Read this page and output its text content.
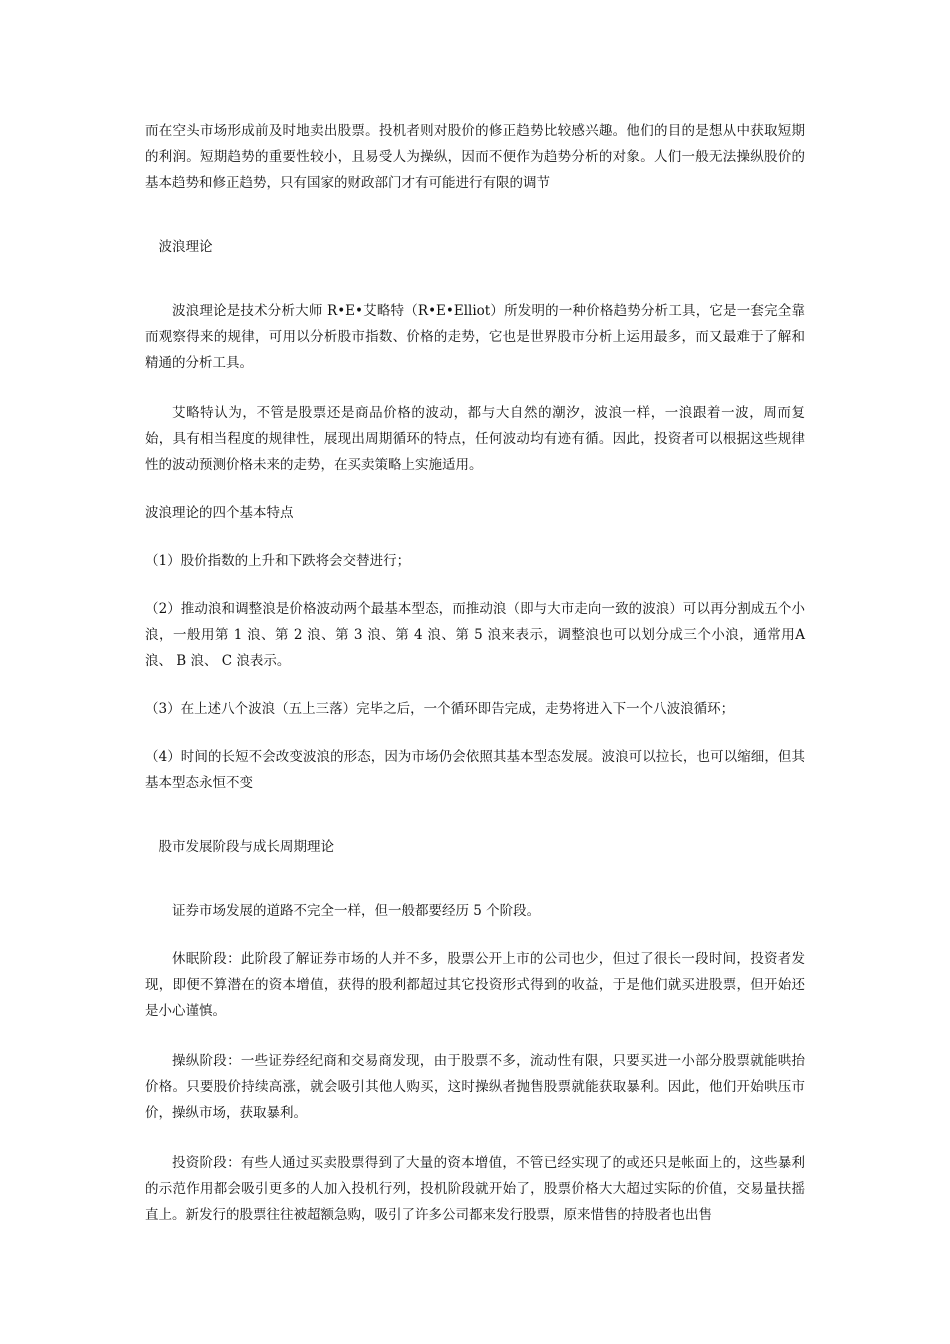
而在空头市场形成前及时地卖出股票。投机者则对股价的修正趋势比较感兴趣。他们的目的是想从中获取短期的利润。短期趋势的重要性较小，且易受人为操纵，因而不便作为趋势分析的对象。人们一般无法操纵股价的基本趋势和修正趋势，只有国家的财政部门才有可能进行有限的调节

波浪理论

波浪理论是技术分析大师 R•E•艾略特（R•E•Elliot）所发明的一种价格趋势分析工具，它是一套完全靠而观察得来的规律，可用以分析股市指数、价格的走势，它也是世界股市分析上运用最多，而又最难于了解和精通的分析工具。

艾略特认为，不管是股票还是商品价格的波动，都与大自然的潮汐，波浪一样，一浪跟着一波，周而复始，具有相当程度的规律性，展现出周期循环的特点，任何波动均有迹有循。因此，投资者可以根据这些规律性的波动预测价格未来的走势，在买卖策略上实施适用。

波浪理论的四个基本特点

（1）股价指数的上升和下跌将会交替进行；

（2）推动浪和调整浪是价格波动两个最基本型态，而推动浪（即与大市走向一致的波浪）可以再分割成五个小浪，一般用第 1 浪、第 2 浪、第 3 浪、第 4 浪、第 5 浪来表示，调整浪也可以划分成三个小浪，通常用A 浪、 B 浪、 C 浪表示。

（3）在上述八个波浪（五上三落）完毕之后，一个循环即告完成，走势将进入下一个八波浪循环；

（4）时间的长短不会改变波浪的形态，因为市场仍会依照其基本型态发展。波浪可以拉长，也可以缩细，但其基本型态永恒不变

股市发展阶段与成长周期理论

证券市场发展的道路不完全一样，但一般都要经历 5 个阶段。

休眠阶段：此阶段了解证券市场的人并不多，股票公开上市的公司也少，但过了很长一段时间，投资者发现，即便不算潜在的资本增值，获得的股利都超过其它投资形式得到的收益，于是他们就买进股票，但开始还是小心谨慎。

操纵阶段：一些证券经纪商和交易商发现，由于股票不多，流动性有限，只要买进一小部分股票就能哄抬价格。只要股价持续高涨，就会吸引其他人购买，这时操纵者抛售股票就能获取暴利。因此，他们开始哄压市价，操纵市场，获取暴利。

投资阶段：有些人通过买卖股票得到了大量的资本增值，不管已经实现了的或还只是帐面上的，这些暴利的示范作用都会吸引更多的人加入投机行列，投机阶段就开始了，股票价格大大超过实际的价值，交易量扶摇直上。新发行的股票往往被超额急购，吸引了许多公司都来发行股票，原来惜售的持股者也出售
